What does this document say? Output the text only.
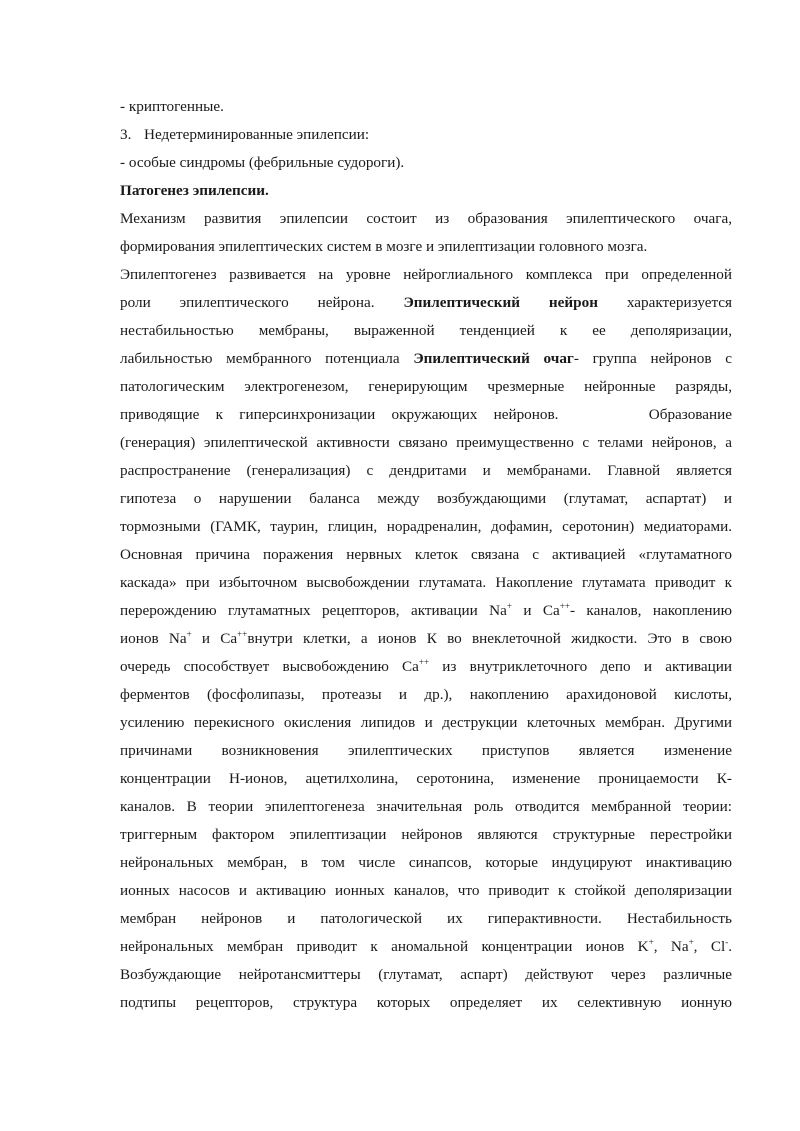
- криптогенные.
3. Недетерминированные эпилепсии:
- особые синдромы (фебрильные судороги).
Патогенез эпилепсии.
Механизм развития эпилепсии состоит из образования эпилептического очага,
формирования эпилептических систем в мозге и эпилептизации головного мозга.
Эпилептогенез развивается на уровне нейроглиального комплекса при определенной
роли эпилептического нейрона. Эпилептический нейрон характеризуется
нестабильностью мембраны, выраженной тенденцией к ее деполяризации,
лабильностью мембранного потенциала Эпилептический очаг- группа нейронов с
патологическим электрогенезом, генерирующим чрезмерные нейронные разряды,
приводящие к гиперсинхронизации окружающих нейронов.	Образование
(генерация) эпилептической активности связано преимущественно с телами нейронов, а
распространение (генерализация) с дендритами и мембранами. Главной является
гипотеза о нарушении баланса между возбуждающими (глутамат, аспартат) и
тормозными (ГАМК, таурин, глицин, норадреналин, дофамин, серотонин) медиаторами.
Основная причина поражения нервных клеток связана с активацией «глутаматного
каскада» при избыточном высвобождении глутамата. Накопление глутамата приводит к
перерождению глутаматных рецепторов, активации Na+ и Ca++- каналов, накоплению
ионов Na+ и Ca++внутри клетки, а ионов К во внеклеточной жидкости. Это в свою
очередь способствует высвобождению Ca++ из внутриклеточного депо и активации
ферментов (фосфолипазы, протеазы и др.), накоплению арахидоновой кислоты,
усилению перекисного окисления липидов и деструкции клеточных мембран. Другими
причинами возникновения эпилептических приступов является изменение
концентрации Н-ионов, ацетилхолина, серотонина, изменение проницаемости К-
каналов. В теории эпилептогенеза значительная роль отводится мембранной теории:
триггерным фактором эпилептизации нейронов являются структурные перестройки
нейрональных мембран, в том числе синапсов, которые индуцируют инактивацию
ионных насосов и активацию ионных каналов, что приводит к стойкой деполяризации
мембран нейронов и патологической их гиперактивности. Нестабильность
нейрональных мембран приводит к аномальной концентрации ионов K+, Na+, Cl-.
Возбуждающие нейротансмиттеры (глутамат, аспарт) действуют через различные
подтипы рецепторов, структура которых определяет их селективную ионную
